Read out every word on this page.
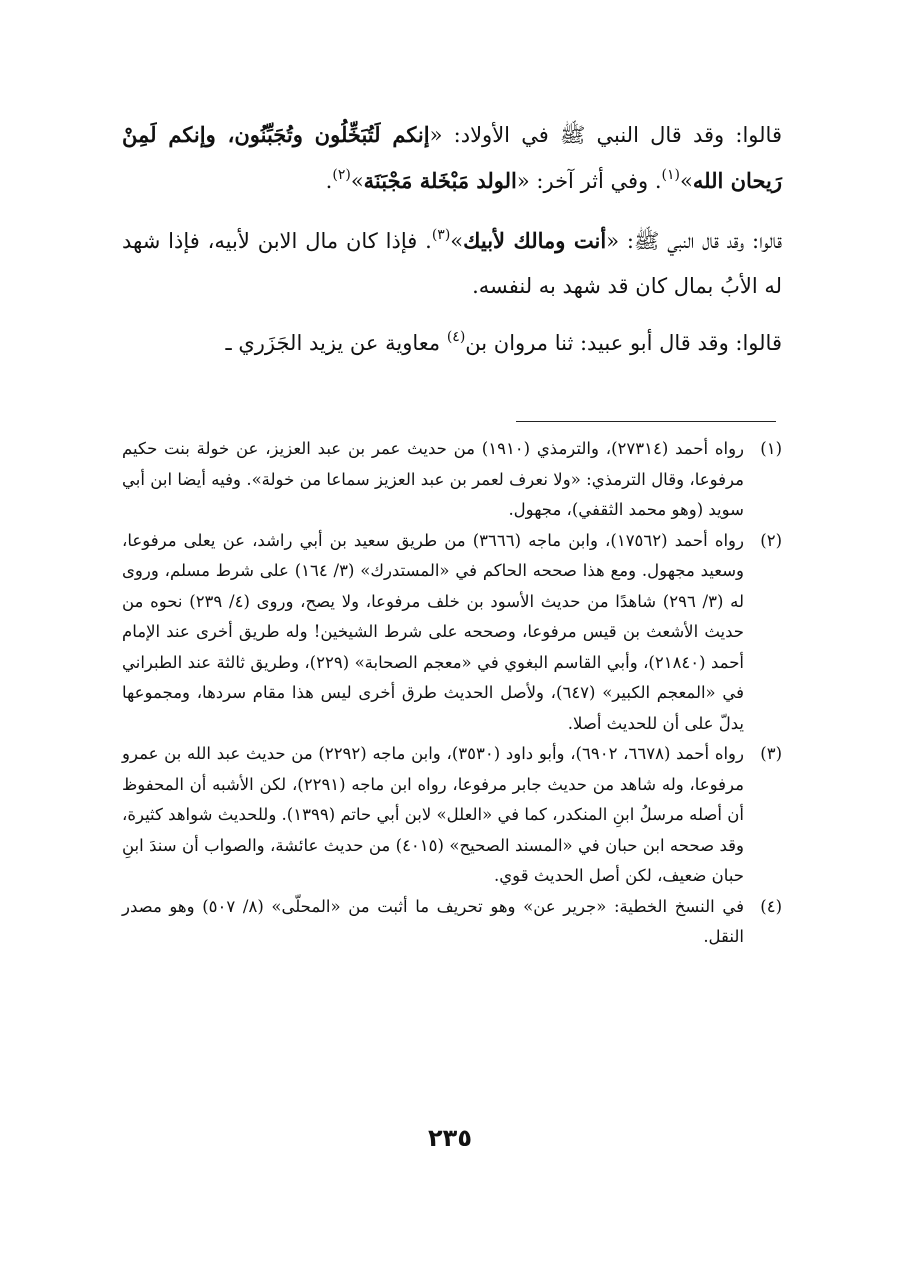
قالوا: وقد قال النبي ﷺ في الأولاد: «إنكم لَتُبَخِّلُون وتُجَبِّنُون، وإنكم لَمِنْ رَيحان الله»$^{(١)}$. وفي أثر آخر: «الولد مَبْخَلة مَجْبَنَة»$^{(٢)}$.

قالوا: وقد قال النبي ﷺ: «أنت ومالك لأبيك»$^{(٣)}$. فإذا كان مال الابن لأبيه، فإذا شهد له الأبُ بمال كان قد شهد به لنفسه.

قالوا: وقد قال أبو عبيد: ثنا مروان بن$^{(٤)}$ معاوية عن يزيد الجَزَري ـ

(١)
رواه أحمد (٢٧٣١٤)، والترمذي (١٩١٠) من حديث عمر بن عبد العزيز، عن خولة بنت حكيم مرفوعا، وقال الترمذي: «ولا نعرف لعمر بن عبد العزيز سماعا من خولة». وفيه أيضا ابن أبي سويد (وهو محمد الثقفي)، مجهول.
(٢)
رواه أحمد (١٧٥٦٢)، وابن ماجه (٣٦٦٦) من طريق سعيد بن أبي راشد، عن يعلى مرفوعا، وسعيد مجهول. ومع هذا صححه الحاكم في «المستدرك» (٣/ ١٦٤) على شرط مسلم، وروى له (٣/ ٢٩٦) شاهدًا من حديث الأسود بن خلف مرفوعا، ولا يصح، وروى (٤/ ٢٣٩) نحوه من حديث الأشعث بن قيس مرفوعا، وصححه على شرط الشيخين! وله طريق أخرى عند الإمام أحمد (٢١٨٤٠)، وأبي القاسم البغوي في «معجم الصحابة» (٢٢٩)، وطريق ثالثة عند الطبراني في «المعجم الكبير» (٦٤٧)، ولأصل الحديث طرق أخرى ليس هذا مقام سردها، ومجموعها يدلّ على أن للحديث أصلا.
(٣)
رواه أحمد (٦٦٧٨، ٦٩٠٢)، وأبو داود (٣٥٣٠)، وابن ماجه (٢٢٩٢) من حديث عبد الله بن عمرو مرفوعا، وله شاهد من حديث جابر مرفوعا، رواه ابن ماجه (٢٢٩١)، لكن الأشبه أن المحفوظ أن أصله مرسلُ ابنِ المنكدر، كما في «العلل» لابن أبي حاتم (١٣٩٩). وللحديث شواهد كثيرة، وقد صححه ابن حبان في «المسند الصحيح» (٤٠١٥) من حديث عائشة، والصواب أن سندَ ابنِ حبان ضعيف، لكن أصل الحديث قوي.
(٤)
في النسخ الخطية: «جرير عن» وهو تحريف ما أثبت من «المحلّى» (٨/ ٥٠٧) وهو مصدر النقل.
٢٣٥
